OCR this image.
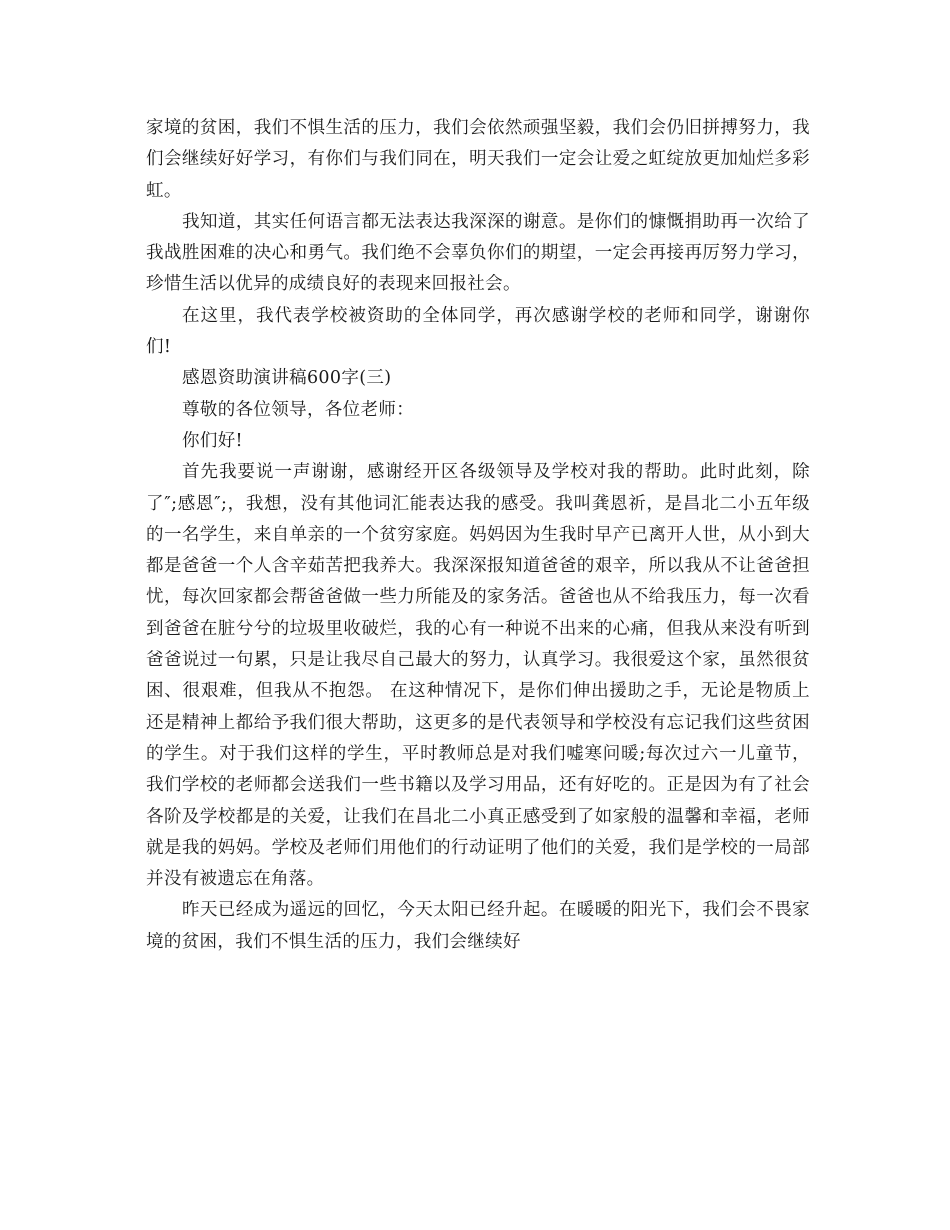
家境的贫困，我们不惧生活的压力，我们会依然顽强坚毅，我们会仍旧拼搏努力，我们会继续好好学习，有你们与我们同在，明天我们一定会让爱之虹绽放更加灿烂多彩虹。

我知道，其实任何语言都无法表达我深深的谢意。是你们的慷慨捐助再一次给了我战胜困难的决心和勇气。我们绝不会辜负你们的期望，一定会再接再厉努力学习，珍惜生活以优异的成绩良好的表现来回报社会。

在这里，我代表学校被资助的全体同学，再次感谢学校的老师和同学，谢谢你们!

感恩资助演讲稿600字(三)

尊敬的各位领导，各位老师：

你们好!

首先我要说一声谢谢，感谢经开区各级领导及学校对我的帮助。此时此刻，除了″;感恩″;，我想，没有其他词汇能表达我的感受。我叫龚恩祈，是昌北二小五年级的一名学生，来自单亲的一个贫穷家庭。妈妈因为生我时早产已离开人世，从小到大都是爸爸一个人含辛茹苦把我养大。我深深报知道爸爸的艰辛，所以我从不让爸爸担忧，每次回家都会帮爸爸做一些力所能及的家务活。爸爸也从不给我压力，每一次看到爸爸在脏兮兮的垃圾里收破烂，我的心有一种说不出来的心痛，但我从来没有听到爸爸说过一句累，只是让我尽自己最大的努力，认真学习。我很爱这个家，虽然很贫困、很艰难，但我从不抱怨。 在这种情况下，是你们伸出援助之手，无论是物质上还是精神上都给予我们很大帮助，这更多的是代表领导和学校没有忘记我们这些贫困的学生。对于我们这样的学生，平时教师总是对我们嘘寒问暖;每次过六一儿童节，我们学校的老师都会送我们一些书籍以及学习用品，还有好吃的。正是因为有了社会各阶及学校都是的关爱，让我们在昌北二小真正感受到了如家般的温馨和幸福，老师就是我的妈妈。学校及老师们用他们的行动证明了他们的关爱，我们是学校的一局部并没有被遗忘在角落。

昨天已经成为遥远的回忆，今天太阳已经升起。在暖暖的阳光下，我们会不畏家境的贫困，我们不惧生活的压力，我们会继续好
